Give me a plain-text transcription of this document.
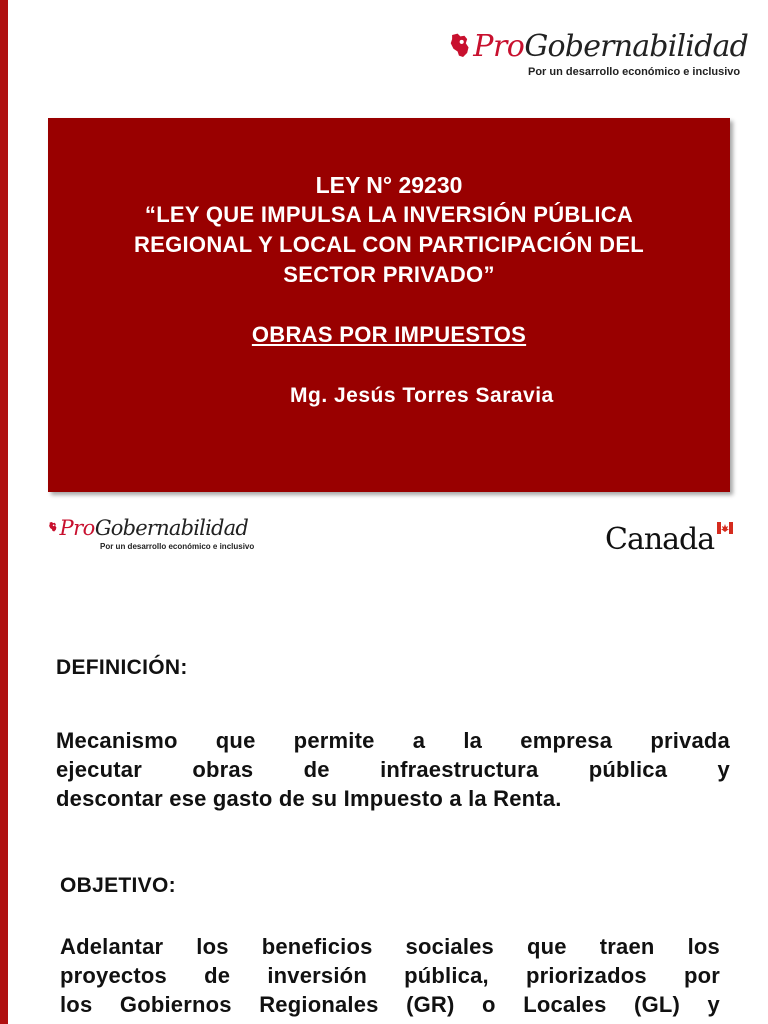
Pro Gobernabilidad
Por un desarrollo económico e inclusivo
LEY N° 29230
“LEY QUE IMPULSA LA INVERSIÓN PÚBLICA
REGIONAL Y LOCAL CON PARTICIPACIÓN DEL
SECTOR PRIVADO”
OBRAS POR IMPUESTOS
Mg. Jesús Torres Saravia
Pro Gobernabilidad
Por un desarrollo económico e inclusivo	Canada
DEFINICIÓN:
Mecanismo que permite a la empresa privada
ejecutar obras de infraestructura pública y
descontar ese gasto de su Impuesto a la Renta.
OBJETIVO:
Adelantar los beneficios sociales que traen los
proyectos de inversión pública, priorizados por
los Gobiernos Regionales (GR) o Locales (GL) y
